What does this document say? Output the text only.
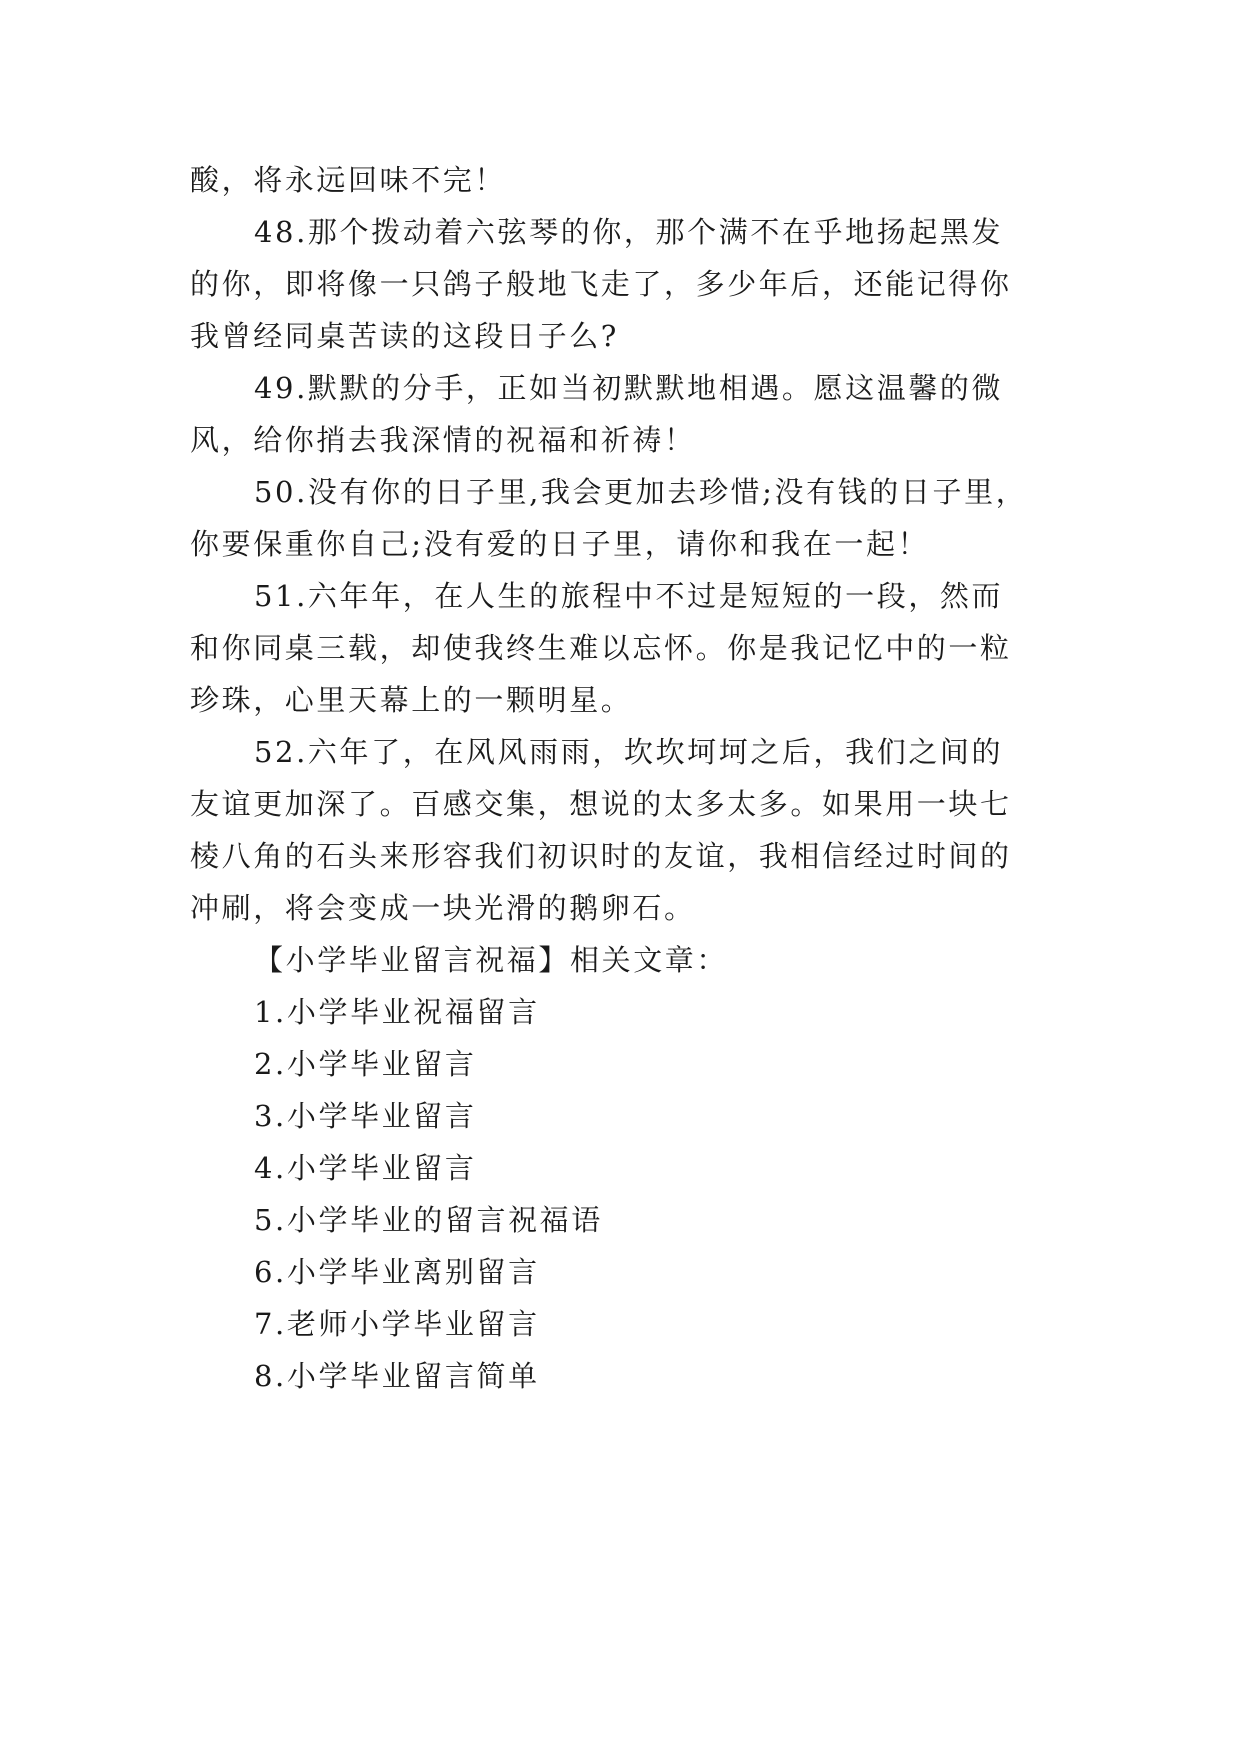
酸，将永远回味不完！
48.那个拨动着六弦琴的你，那个满不在乎地扬起黑发
的你，即将像一只鸽子般地飞走了，多少年后，还能记得你
我曾经同桌苦读的这段日子么?
49.默默的分手，正如当初默默地相遇。愿这温馨的微
风，给你捎去我深情的祝福和祈祷！
50.没有你的日子里,我会更加去珍惜;没有钱的日子里，
你要保重你自己;没有爱的日子里，请你和我在一起！
51.六年年，在人生的旅程中不过是短短的一段，然而
和你同桌三载，却使我终生难以忘怀。你是我记忆中的一粒
珍珠，心里天幕上的一颗明星。
52.六年了，在风风雨雨，坎坎坷坷之后，我们之间的
友谊更加深了。百感交集，想说的太多太多。如果用一块七
棱八角的石头来形容我们初识时的友谊，我相信经过时间的
冲刷，将会变成一块光滑的鹅卵石。
【小学毕业留言祝福】相关文章：
1.小学毕业祝福留言
2.小学毕业留言
3.小学毕业留言
4.小学毕业留言
5.小学毕业的留言祝福语
6.小学毕业离别留言
7.老师小学毕业留言
8.小学毕业留言简单
